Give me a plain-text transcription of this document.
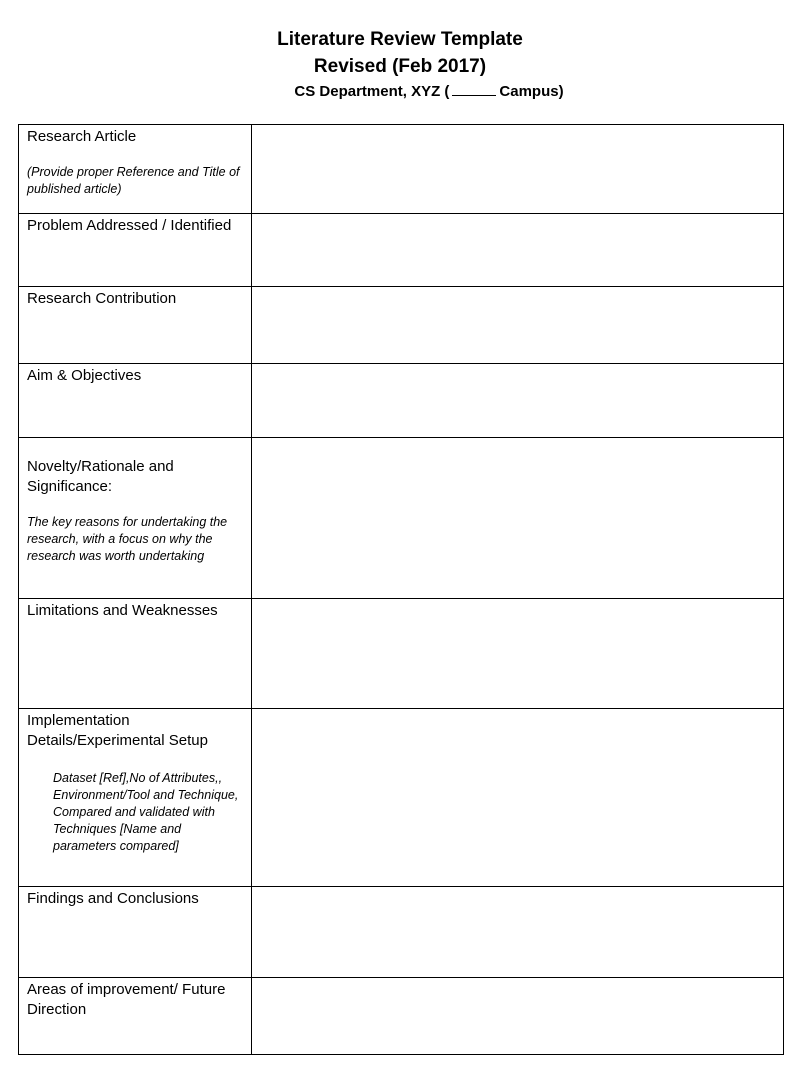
Literature Review Template
Revised (Feb 2017)
CS Department, XYZ (	Campus)
Research Article
(Provide proper Reference and Title of published article)	

Problem Addressed / Identified	

Research Contribution	

Aim & Objectives	

Novelty/Rationale and Significance:
The key reasons for undertaking the research, with a focus on why the research was worth undertaking	

Limitations and Weaknesses	

Implementation Details/Experimental Setup
Dataset [Ref],No of Attributes,, Environment/Tool and Technique, Compared and validated with Techniques [Name and parameters compared]	

Findings and Conclusions	

Areas of improvement/ Future Direction	
